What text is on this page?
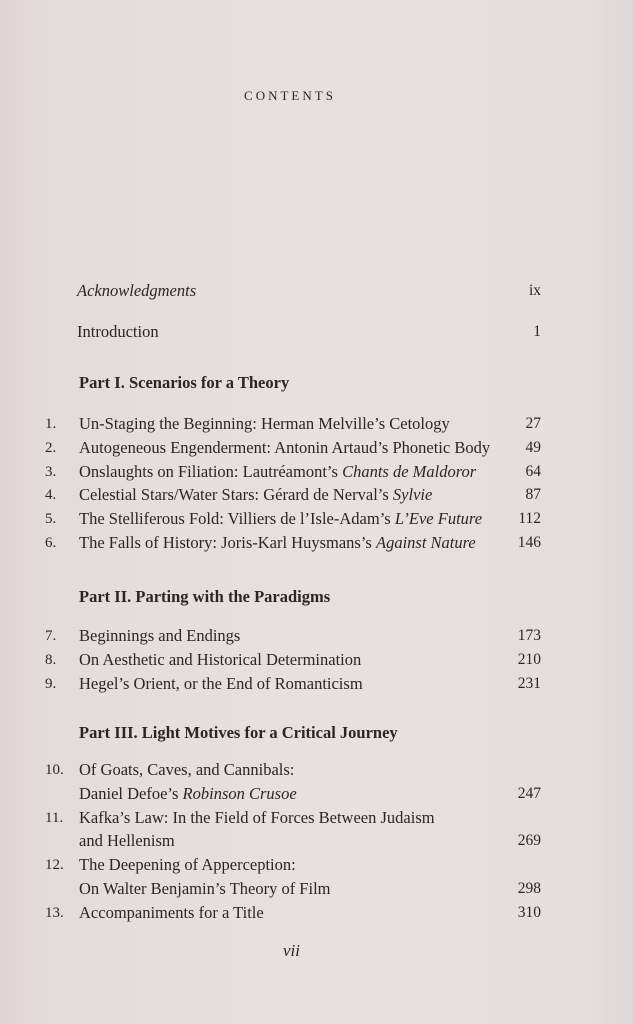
CONTENTS
Acknowledgments	ix
Introduction	1
Part I. Scenarios for a Theory
1. Un-Staging the Beginning: Herman Melville’s Cetology	27
2. Autogeneous Engenderment: Antonin Artaud’s Phonetic Body 49
3. Onslaughts on Filiation: Lautréamont’s Chants de Maldoror	64
4. Celestial Stars/Water Stars: Gérard de Nerval’s Sylvie	87
5. The Stelliferous Fold: Villiers de l’Isle-Adam’s L’Eve Future 112
6. The Falls of History: Joris-Karl Huysmans’s Against Nature	146
Part II. Parting with the Paradigms
7. Beginnings and Endings	173
8. On Aesthetic and Historical Determination	210
9. Hegel’s Orient, or the End of Romanticism	231
Part III. Light Motives for a Critical Journey
10. Of Goats, Caves, and Cannibals:
Daniel Defoe’s Robinson Crusoe	247
11. Kafka’s Law: In the Field of Forces Between Judaism
and Hellenism	269
12. The Deepening of Apperception:
On Walter Benjamin’s Theory of Film	298
13. Accompaniments for a Title	310
vii
